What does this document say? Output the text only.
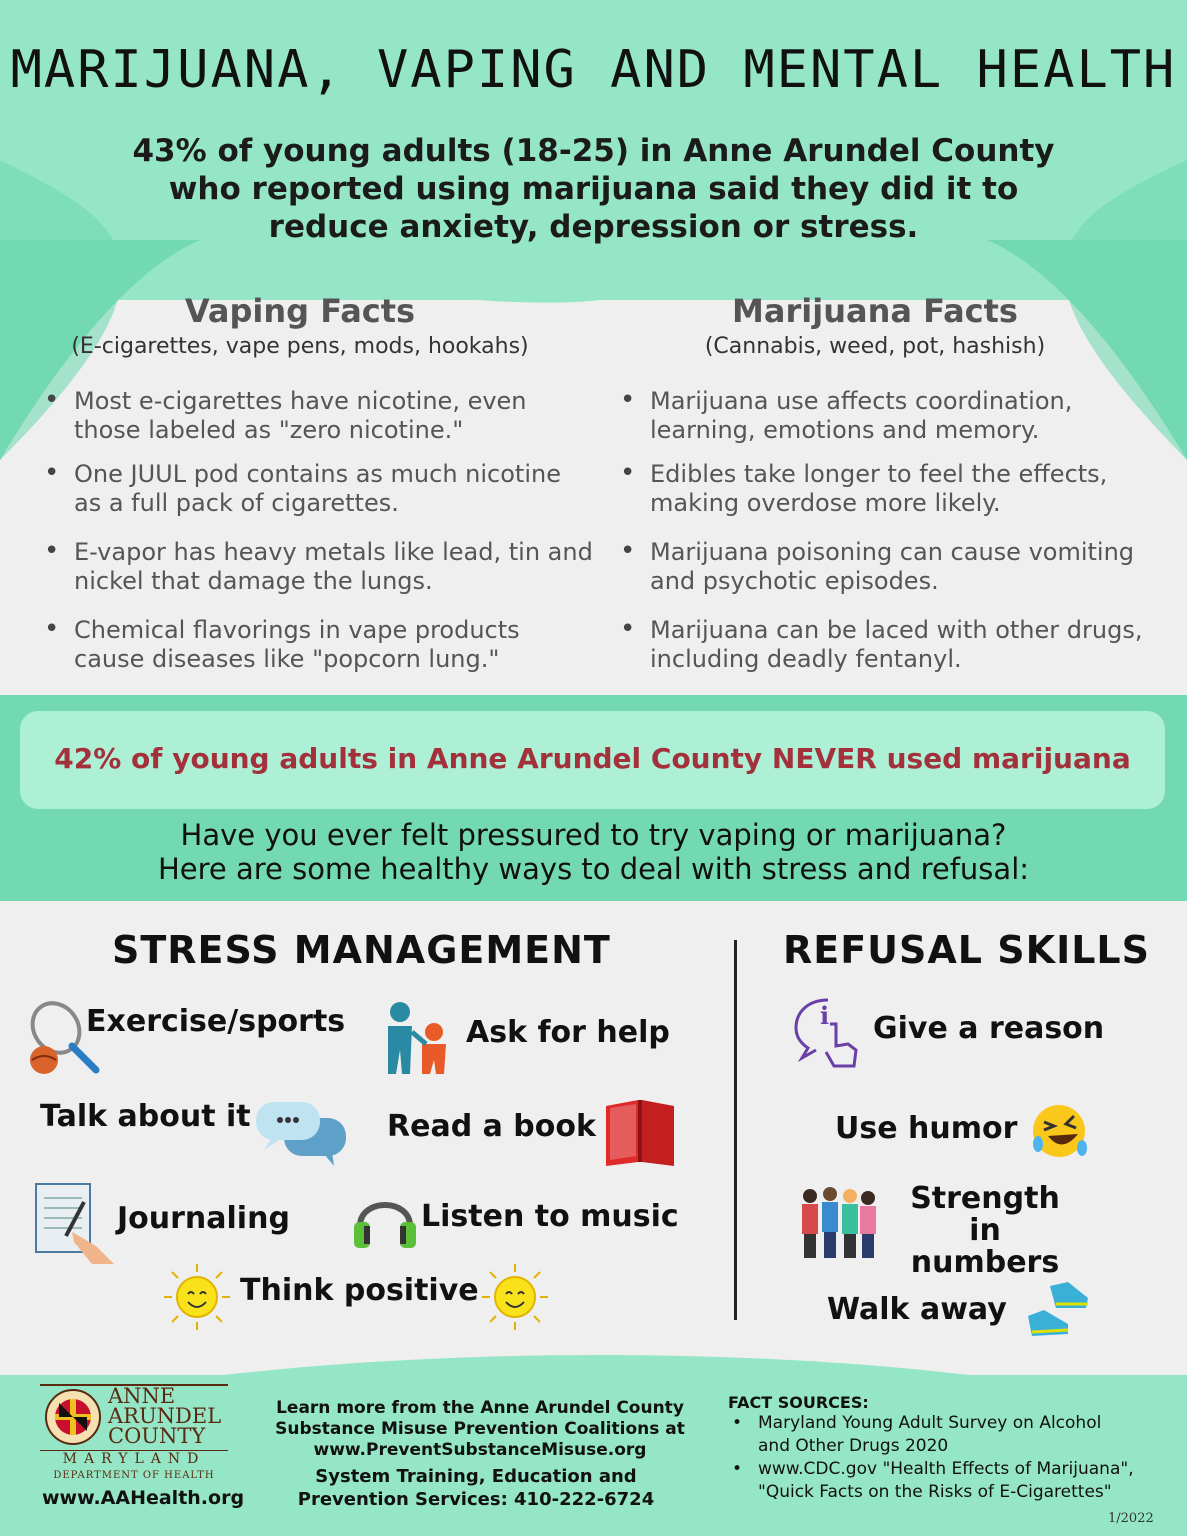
MARIJUANA, VAPING AND MENTAL HEALTH
43% of young adults (18-25) in Anne Arundel County who reported using marijuana said they did it to reduce anxiety, depression or stress.
Vaping Facts
(E-cigarettes, vape pens, mods, hookahs)
• Most e-cigarettes have nicotine, even those labeled as "zero nicotine."
• One JUUL pod contains as much nicotine as a full pack of cigarettes.
• E-vapor has heavy metals like lead, tin and nickel that damage the lungs.
• Chemical flavorings in vape products cause diseases like "popcorn lung."
Marijuana Facts
(Cannabis, weed, pot, hashish)
• Marijuana use affects coordination, learning, emotions and memory.
• Edibles take longer to feel the effects, making overdose more likely.
• Marijuana poisoning can cause vomiting and psychotic episodes.
• Marijuana can be laced with other drugs, including deadly fentanyl.
42% of young adults in Anne Arundel County NEVER used marijuana
Have you ever felt pressured to try vaping or marijuana?
Here are some healthy ways to deal with stress and refusal:
STRESS MANAGEMENT	REFUSAL SKILLS
Exercise/sports	Ask for help
Talk about it	Read a book
Journaling	Listen to music
Think positive
i Give a reason
Use humor
Strength in
numbers
Walk away
ANNE
ARUNDEL
COUNTY
MARYLAND
DEPARTMENT OF HEALTH
www.AAHealth.org
Learn more from the Anne Arundel County
Substance Misuse Prevention Coalitions at
www.PreventSubstanceMisuse.org
System Training, Education and
Prevention Services: 410-222-6724
FACT SOURCES:
• Maryland Young Adult Survey on Alcohol
and Other Drugs 2020
• www.CDC.gov "Health Effects of Marijuana",
"Quick Facts on the Risks of E-Cigarettes"
1/2022
